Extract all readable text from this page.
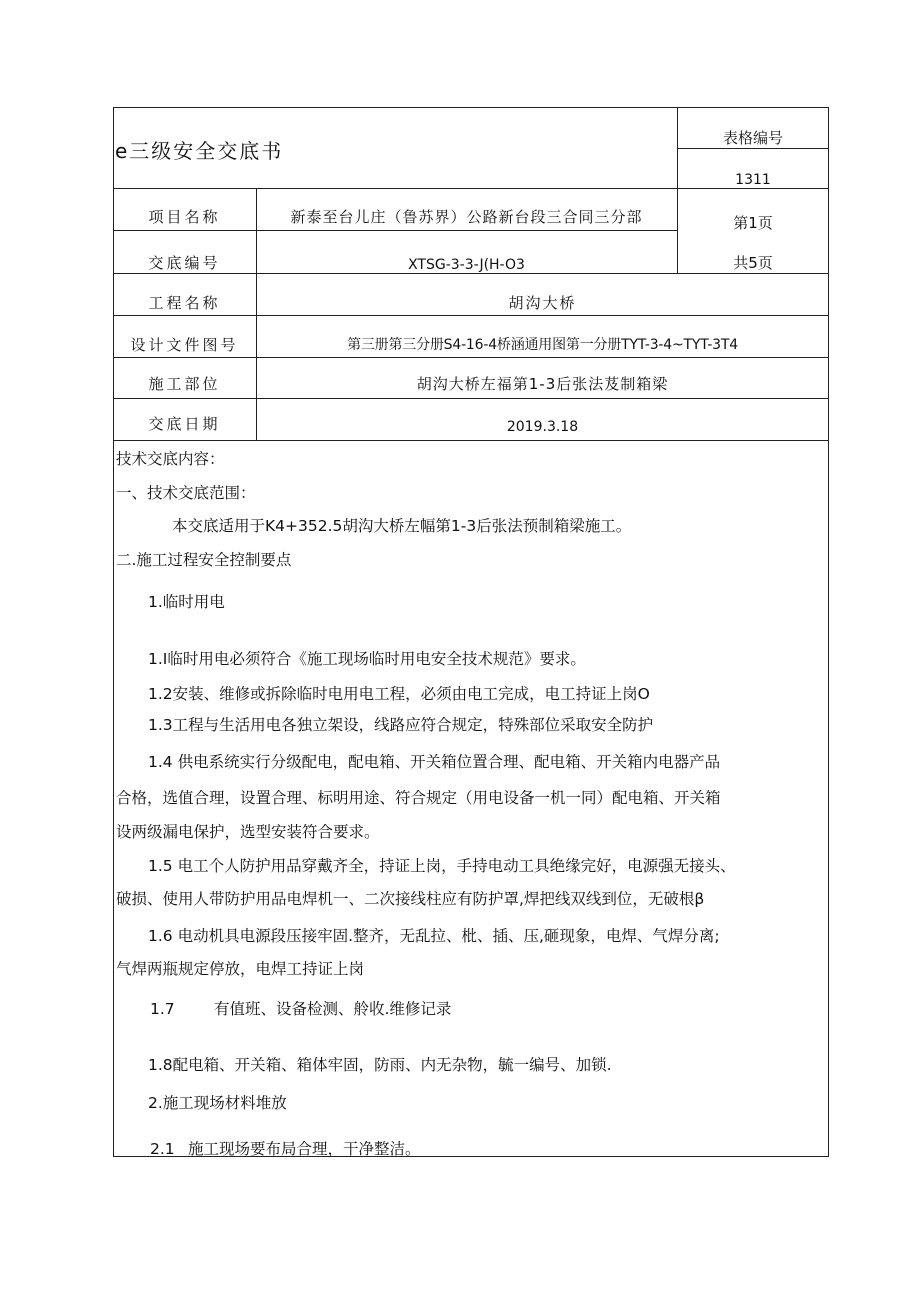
e三级安全交底书
表格编号
1311
项目名称	新泰至台儿庄（鲁苏界）公路新台段三合同三分部	第1页
交底编号	XTSG-3-3-J(H-O3	共5页
工程名称	胡沟大桥
设计文件图号	第三册第三分册S4-16-4桥涵通用图第一分册TYT-3-4~TYT-3T4
施工部位	胡沟大桥左福第1-3后张法芨制箱梁
交底日期	2019.3.18
技术交底内容：
一、技术交底范围：
本交底适用于K4+352.5胡沟大桥左幅第1-3后张法预制箱梁施工。
二.施工过程安全控制要点
1.临时用电
1.I临时用电必须符合《施工现场临时用电安全技术规范》要求。
1.2安装、维修或拆除临时电用电工程，必须由电工完成，电工持证上岗O
1.3工程与生活用电各独立架设，线路应符合规定，特殊部位采取安全防护
1.4 供电系统实行分级配电，配电箱、开关箱位置合理、配电箱、开关箱内电器产品
合格，选值合理，设置合理、标明用途、符合规定（用电设备一机一同）配电箱、开关箱
设两级漏电保护，选型安装符合要求。
1.5 电工个人防护用品穿戴齐全，持证上岗，手持电动工具绝缘完好，电源强无接头、
破损、使用人带防护用品电焊机一、二次接线柱应有防护罩,焊把线双线到位，无破根β
1.6 电动机具电源段压接牢固.整齐，无乱拉、枇、插、压,砸现象，电焊、气焊分离;
气焊两瓶规定停放，电焊工持证上岗
1.7	有值班、设备检测、舲收.维修记录
1.8配电箱、开关箱、箱体牢固，防雨、内无杂物，毓一编号、加锁.
2.施工现场材料堆放
2.1 施工现场要布局合理，干净整洁。
